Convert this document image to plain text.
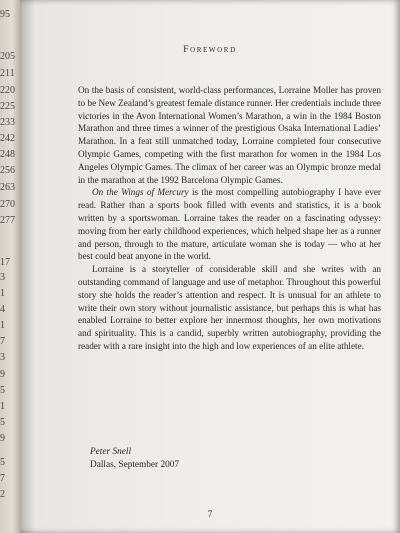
95
205
211
220
225
233
242
248
256
263
270
277
17
3
1
4
1
7
3
9
5
1
5
9
5
7
2
Foreword

On the basis of consistent, world-class performances, Lorraine Moller has proven to be New Zealand’s greatest female distance runner. Her credentials include three victories in the Avon International Women’s Marathon, a win in the 1984 Boston Marathon and three times a winner of the prestigious Osaka International Ladies’ Marathon. In a feat still unmatched today, Lorraine completed four consecutive Olympic Games, competing with the first marathon for women in the 1984 Los Angeles Olympic Games. The climax of her career was an Olympic bronze medal in the marathon at the 1992 Barcelona Olympic Games.

On the Wings of Mercury is the most compelling autobiography I have ever read. Rather than a sports book filled with events and statistics, it is a book written by a sportswoman. Lorraine takes the reader on a fascinating odyssey: moving from her early childhood experiences, which helped shape her as a runner and person, through to the mature, articulate woman she is today — who at her best could beat anyone in the world.

Lorraine is a storyteller of considerable skill and she writes with an outstanding command of language and use of metaphor. Throughout this powerful story she holds the reader’s attention and respect. It is unusual for an athlete to write their own story without journalistic assistance, but perhaps this is what has enabled Lorraine to better explore her innermost thoughts, her own motivations and spirituality. This is a candid, superbly written autobiography, providing the reader with a rare insight into the high and low experiences of an elite athlete.

Peter Snell
Dallas, September 2007
7
